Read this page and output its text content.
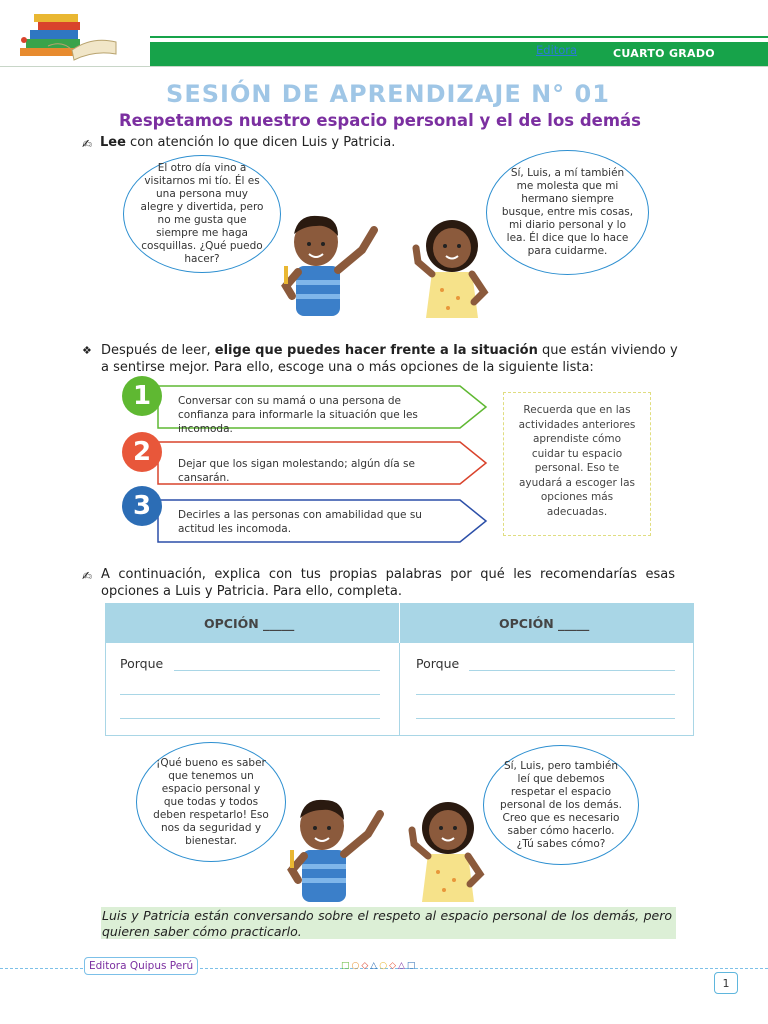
Editora	CUARTO GRADO
SESIÓN DE APRENDIZAJE N° 01
Respetamos nuestro espacio personal y el de los demás
✍ Lee con atención lo que dicen Luis y Patricia.
El otro día vino a visitarnos mi tío. Él es una persona muy alegre y divertida, pero no me gusta que siempre me haga cosquillas. ¿Qué puedo hacer?
Sí, Luis, a mí también me molesta que mi hermano siempre busque, entre mis cosas, mi diario personal y lo lea. Él dice que lo hace para cuidarme.
❖ Después de leer, elige que puedes hacer frente a la situación que están viviendo y a sentirse mejor. Para ello, escoge una o más opciones de la siguiente lista:
1	Conversar con su mamá o una persona de confianza para informarle la situación que les incomoda.
2	Dejar que los sigan molestando; algún día se cansarán.
3	Decirles a las personas con amabilidad que su actitud les incomoda.
Recuerda que en las actividades anteriores aprendiste cómo cuidar tu espacio personal. Eso te ayudará a escoger las opciones más adecuadas.
✍ A continuación, explica con tus propias palabras por qué les recomendarías esas opciones a Luis y Patricia. Para ello, completa.
OPCIÓN _____	OPCIÓN _____
Porque	Porque
¡Qué bueno es saber que tenemos un espacio personal y que todas y todos deben respetarlo! Eso nos da seguridad y bienestar.
Sí, Luis, pero también leí que debemos respetar el espacio personal de los demás. Creo que es necesario saber cómo hacerlo. ¿Tú sabes cómo?
Luis y Patricia están conversando sobre el respeto al espacio personal de los demás, pero quieren saber cómo practicarlo.
Editora Quipus Perú	□○◇△○◇△□
1
